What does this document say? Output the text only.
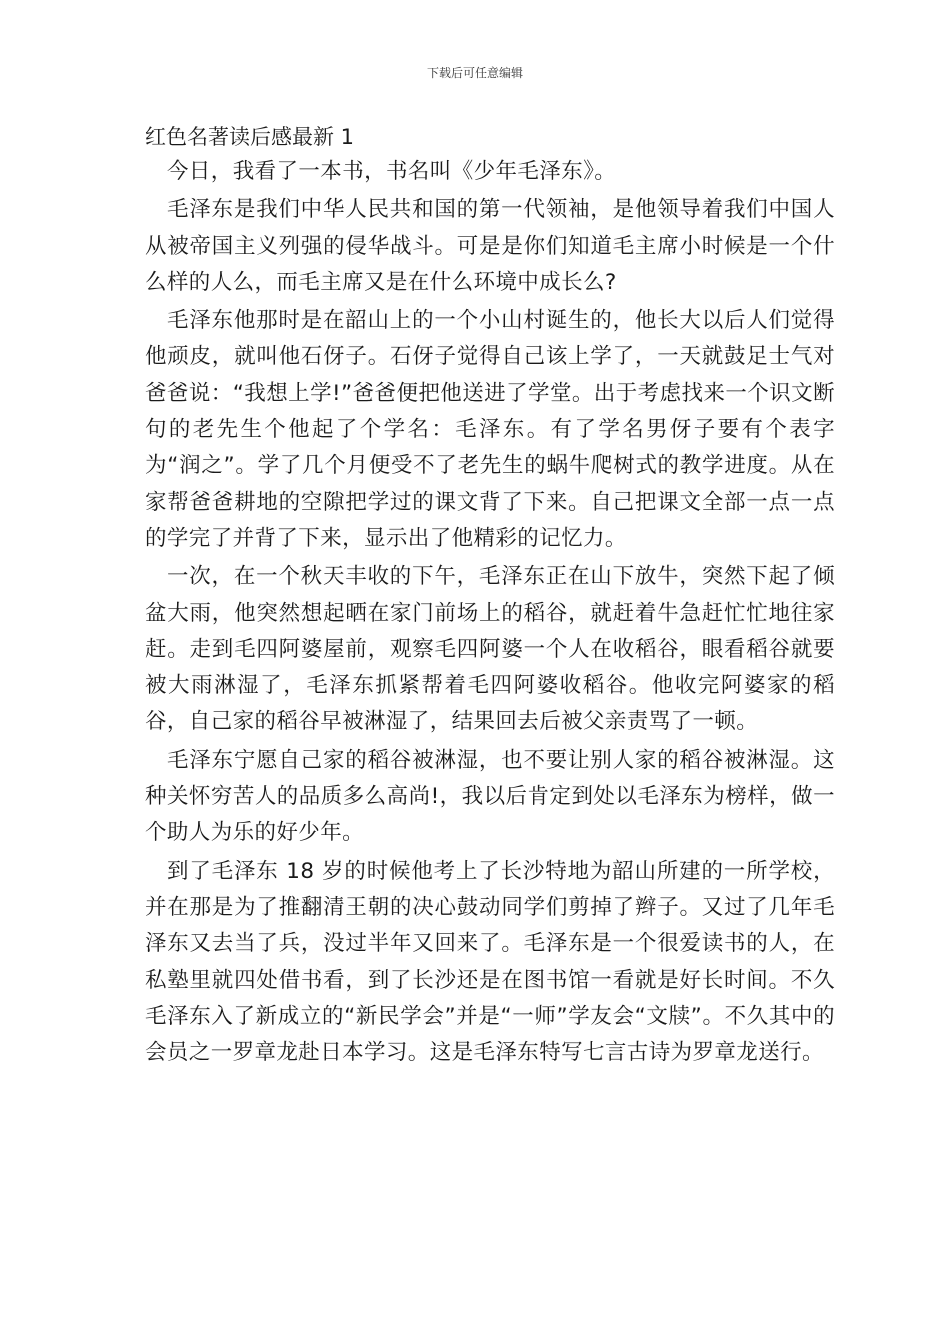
下载后可任意编辑
红色名著读后感最新 1

今日，我看了一本书，书名叫《少年毛泽东》。

毛泽东是我们中华人民共和国的第一代领袖，是他领导着我们中国人从被帝国主义列强的侵华战斗。可是是你们知道毛主席小时候是一个什么样的人么，而毛主席又是在什么环境中成长么?

毛泽东他那时是在韶山上的一个小山村诞生的，他长大以后人们觉得他顽皮，就叫他石伢子。石伢子觉得自己该上学了，一天就鼓足士气对爸爸说：“我想上学!”爸爸便把他送进了学堂。出于考虑找来一个识文断句的老先生个他起了个学名：毛泽东。有了学名男伢子要有个表字为“润之”。学了几个月便受不了老先生的蜗牛爬树式的教学进度。从在家帮爸爸耕地的空隙把学过的课文背了下来。自己把课文全部一点一点的学完了并背了下来，显示出了他精彩的记忆力。

一次，在一个秋天丰收的下午，毛泽东正在山下放牛，突然下起了倾盆大雨，他突然想起晒在家门前场上的稻谷，就赶着牛急赶忙忙地往家赶。走到毛四阿婆屋前，观察毛四阿婆一个人在收稻谷，眼看稻谷就要被大雨淋湿了，毛泽东抓紧帮着毛四阿婆收稻谷。他收完阿婆家的稻谷，自己家的稻谷早被淋湿了，结果回去后被父亲责骂了一顿。

毛泽东宁愿自己家的稻谷被淋湿，也不要让别人家的稻谷被淋湿。这种关怀穷苦人的品质多么高尚!，我以后肯定到处以毛泽东为榜样，做一个助人为乐的好少年。

到了毛泽东 18 岁的时候他考上了长沙特地为韶山所建的一所学校，并在那是为了推翻清王朝的决心鼓动同学们剪掉了辫子。又过了几年毛泽东又去当了兵，没过半年又回来了。毛泽东是一个很爱读书的人，在私塾里就四处借书看，到了长沙还是在图书馆一看就是好长时间。不久毛泽东入了新成立的“新民学会”并是“一师”学友会“文牍”。不久其中的会员之一罗章龙赴日本学习。这是毛泽东特写七言古诗为罗章龙送行。
